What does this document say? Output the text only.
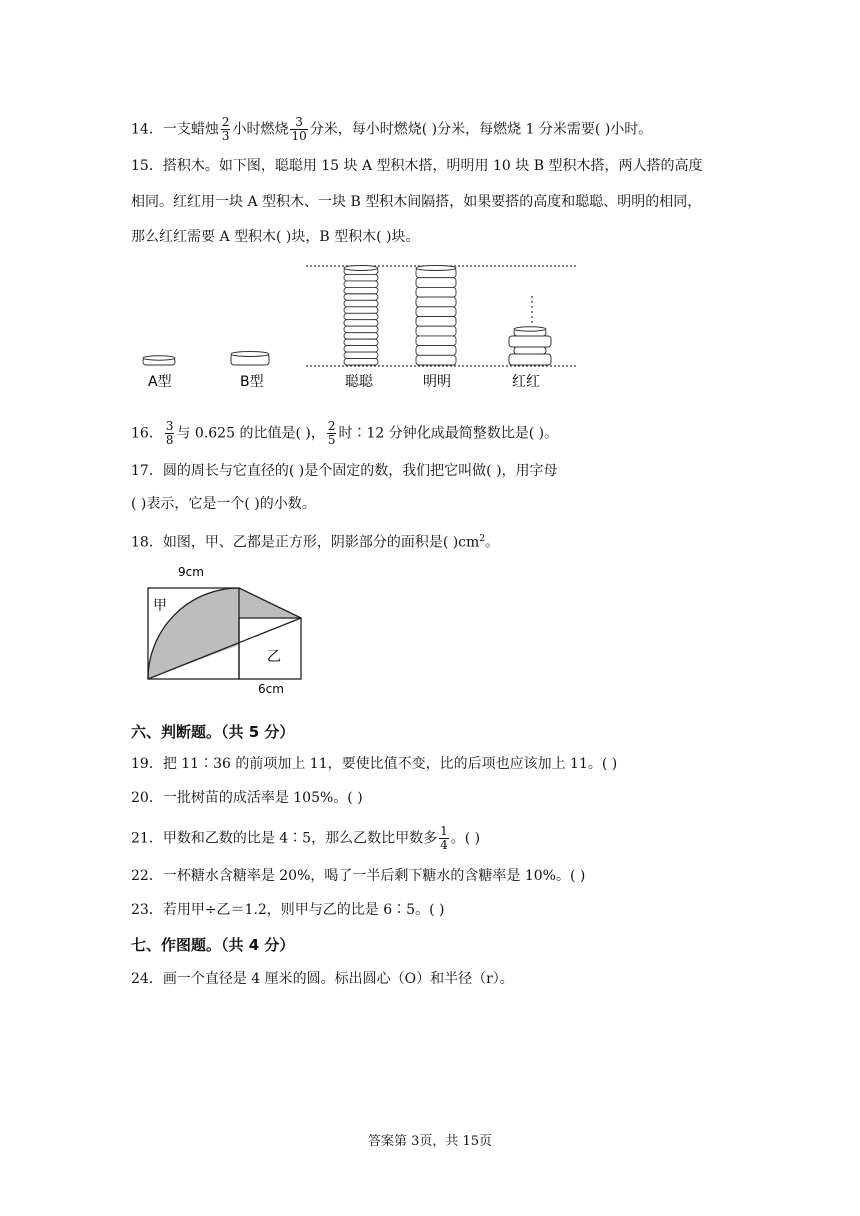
14．一支蜡烛 $\frac{2}{3}$ 小时燃烧 $\frac{3}{10}$ 分米，每小时燃烧( )分米，每燃烧 1 分米需要( )小时。
15．搭积木。如下图，聪聪用 15 块 A 型积木搭，明明用 10 块 B 型积木搭，两人搭的高度
相同。红红用一块 A 型积木、一块 B 型积木间隔搭，如果要搭的高度和聪聪、明明的相同，
那么红红需要 A 型积木( )块，B 型积木( )块。
A型	B型	聪聪	明明	红红
16． $\frac{3}{8}$ 与 0.625 的比值是( )， $\frac{2}{5}$ 时∶12 分钟化成最简整数比是( )。
17．圆的周长与它直径的( )是个固定的数，我们把它叫做( )，用字母
( )表示，它是一个( )的小数。
18．如图，甲、乙都是正方形，阴影部分的面积是( )$cm^2$。
9cm
6cm
甲
乙
六、判断题。（共 5 分）
19．把 11∶36 的前项加上 11，要使比值不变，比的后项也应该加上 11。( )
20．一批树苗的成活率是 105%。( )
21．甲数和乙数的比是 4∶5，那么乙数比甲数多 $\frac{1}{4}$ 。( )
22．一杯糖水含糖率是 20%，喝了一半后剩下糖水的含糖率是 10%。( )
23．若用甲÷乙＝1.2，则甲与乙的比是 6∶5。( )
七、作图题。（共 4 分）
24．画一个直径是 4 厘米的圆。标出圆心（O）和半径（r）。
答案第 3页，共 15页
